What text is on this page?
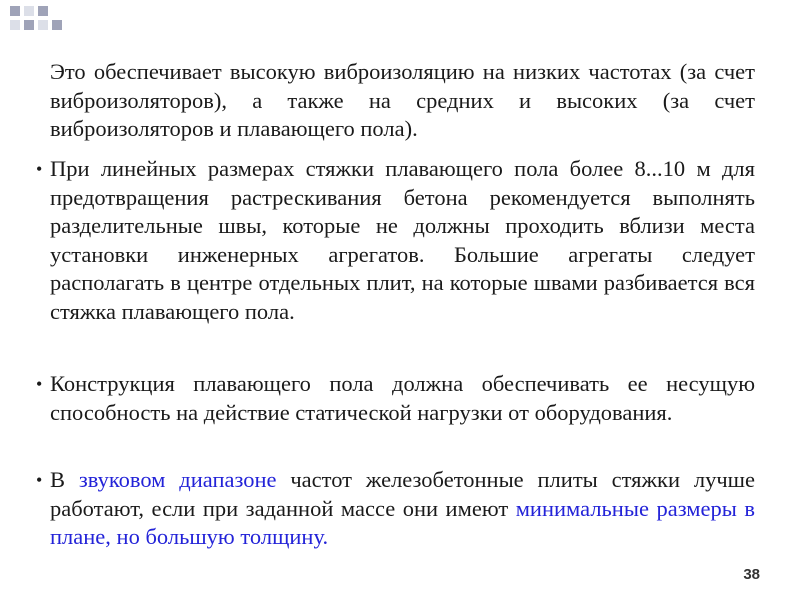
Это обеспечивает высокую виброизоляцию на низких частотах (за счет виброизоляторов), а также на средних и высоких (за счет виброизоляторов и плавающего пола).
• При линейных размерах стяжки плавающего пола более 8...10 м для предотвращения растрескивания бетона рекомендуется выполнять разделительные швы, которые не должны проходить вблизи места установки инженерных агрегатов. Большие агрегаты следует располагать в центре отдельных плит, на которые швами разбивается вся стяжка плавающего пола.
• Конструкция плавающего пола должна обеспечивать ее несущую способность на действие статической нагрузки от оборудования.
• В звуковом диапазоне частот железобетонные плиты стяжки лучше работают, если при заданной массе они имеют минимальные размеры в плане, но большую толщину.
38
